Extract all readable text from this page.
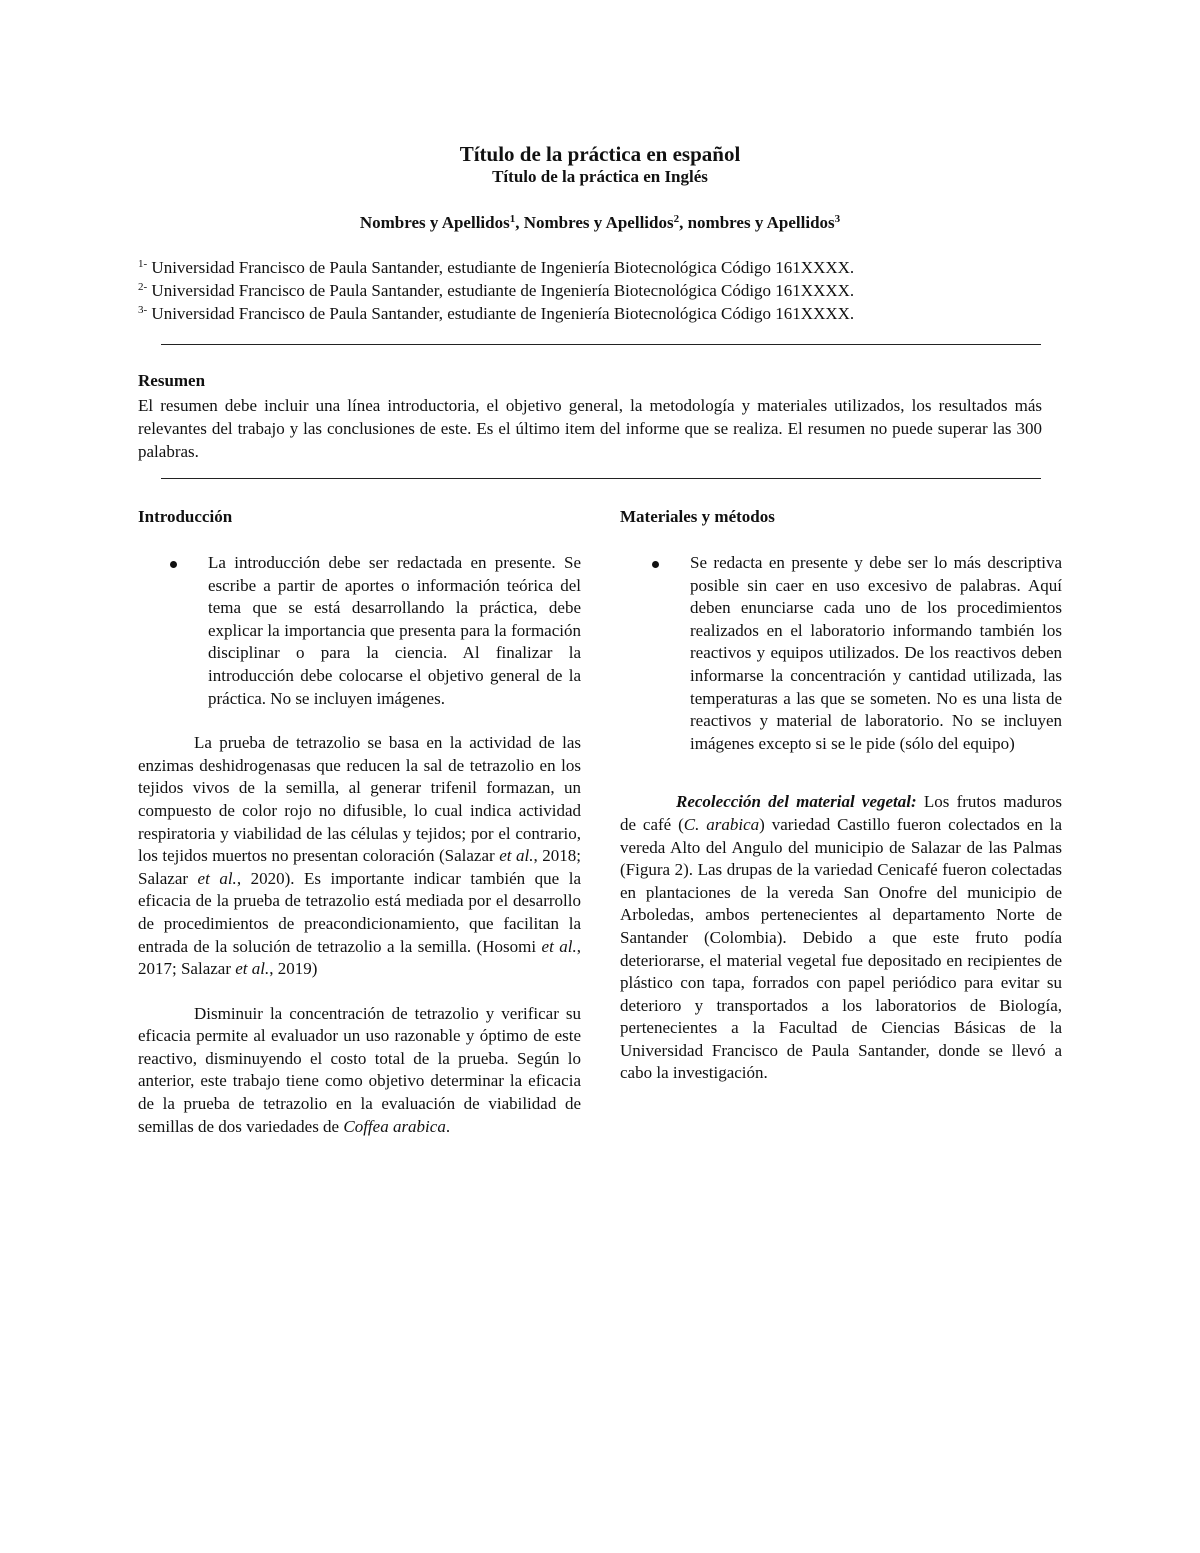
Título de la práctica en español
Título de la práctica en Inglés
Nombres y Apellidos$^1$, Nombres y Apellidos$^2$, nombres y Apellidos$^3$

$^{1-}$ Universidad Francisco de Paula Santander, estudiante de Ingeniería Biotecnológica Código 161XXXX.

$^{2-}$ Universidad Francisco de Paula Santander, estudiante de Ingeniería Biotecnológica Código 161XXXX.

$^{3-}$ Universidad Francisco de Paula Santander, estudiante de Ingeniería Biotecnológica Código 161XXXX.

Resumen

El resumen debe incluir una línea introductoria, el objetivo general, la metodología y materiales utilizados, los resultados más relevantes del trabajo y las conclusiones de este. Es el último item del informe que se realiza. El resumen no puede superar las 300 palabras.

Introducción

La introducción debe ser redactada en presente. Se escribe a partir de aportes o información teórica del tema que se está desarrollando la práctica, debe explicar la importancia que presenta para la formación disciplinar o para la ciencia. Al finalizar la introducción debe colocarse el objetivo general de la práctica. No se incluyen imágenes.

La prueba de tetrazolio se basa en la actividad de las enzimas deshidrogenasas que reducen la sal de tetrazolio en los tejidos vivos de la semilla, al generar trifenil formazan, un compuesto de color rojo no difusible, lo cual indica actividad respiratoria y viabilidad de las células y tejidos; por el contrario, los tejidos muertos no presentan coloración (Salazar et al., 2018; Salazar et al., 2020). Es importante indicar también que la eficacia de la prueba de tetrazolio está mediada por el desarrollo de procedimientos de preacondicionamiento, que facilitan la entrada de la solución de tetrazolio a la semilla. (Hosomi et al., 2017; Salazar et al., 2019)

Disminuir la concentración de tetrazolio y verificar su eficacia permite al evaluador un uso razonable y óptimo de este reactivo, disminuyendo el costo total de la prueba. Según lo anterior, este trabajo tiene como objetivo determinar la eficacia de la prueba de tetrazolio en la evaluación de viabilidad de semillas de dos variedades de Coffea arabica.

Materiales y métodos

Se redacta en presente y debe ser lo más descriptiva posible sin caer en uso excesivo de palabras. Aquí deben enunciarse cada uno de los procedimientos realizados en el laboratorio informando también los reactivos y equipos utilizados. De los reactivos deben informarse la concentración y cantidad utilizada, las temperaturas a las que se someten. No es una lista de reactivos y material de laboratorio. No se incluyen imágenes excepto si se le pide (sólo del equipo)

Recolección del material vegetal: Los frutos maduros de café (C. arabica) variedad Castillo fueron colectados en la vereda Alto del Angulo del municipio de Salazar de las Palmas (Figura 2). Las drupas de la variedad Cenicafé fueron colectadas en plantaciones de la vereda San Onofre del municipio de Arboledas, ambos pertenecientes al departamento Norte de Santander (Colombia). Debido a que este fruto podía deteriorarse, el material vegetal fue depositado en recipientes de plástico con tapa, forrados con papel periódico para evitar su deterioro y transportados a los laboratorios de Biología, pertenecientes a la Facultad de Ciencias Básicas de la Universidad Francisco de Paula Santander, donde se llevó a cabo la investigación.
